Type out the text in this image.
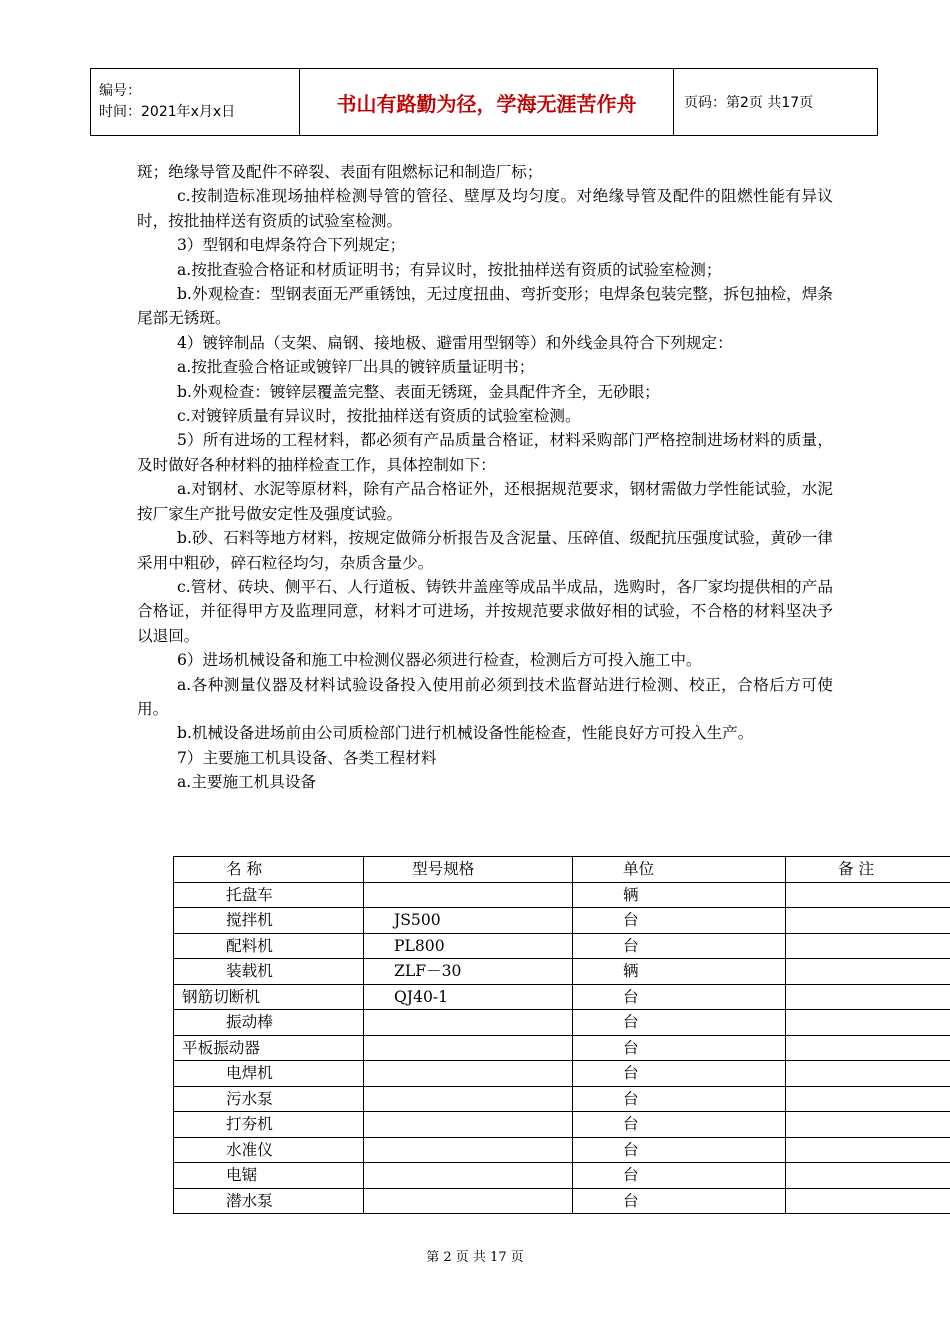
编号：
时间：2021年x月x日	书山有路勤为径，学海无涯苦作舟	页码：第2页 共17页

斑；绝缘导管及配件不碎裂、表面有阻燃标记和制造厂标；

c.按制造标准现场抽样检测导管的管径、壁厚及均匀度。对绝缘导管及配件的阻燃性能有异议时，按批抽样送有资质的试验室检测。

3）型钢和电焊条符合下列规定；

a.按批查验合格证和材质证明书；有异议时，按批抽样送有资质的试验室检测；

b.外观检查：型钢表面无严重锈蚀，无过度扭曲、弯折变形；电焊条包装完整，拆包抽检，焊条尾部无锈斑。

4）镀锌制品（支架、扁钢、接地极、避雷用型钢等）和外线金具符合下列规定：

a.按批查验合格证或镀锌厂出具的镀锌质量证明书；

b.外观检查：镀锌层覆盖完整、表面无锈斑，金具配件齐全，无砂眼；

c.对镀锌质量有异议时，按批抽样送有资质的试验室检测。

5）所有进场的工程材料，都必须有产品质量合格证，材料采购部门严格控制进场材料的质量，及时做好各种材料的抽样检查工作，具体控制如下：

a.对钢材、水泥等原材料，除有产品合格证外，还根据规范要求，钢材需做力学性能试验，水泥按厂家生产批号做安定性及强度试验。

b.砂、石料等地方材料，按规定做筛分析报告及含泥量、压碎值、级配抗压强度试验，黄砂一律采用中粗砂，碎石粒径均匀，杂质含量少。

c.管材、砖块、侧平石、人行道板、铸铁井盖座等成品半成品，选购时，各厂家均提供相的产品合格证，并征得甲方及监理同意，材料才可进场，并按规范要求做好相的试验，不合格的材料坚决予以退回。

6）进场机械设备和施工中检测仪器必须进行检查，检测后方可投入施工中。

a.各种测量仪器及材料试验设备投入使用前必须到技术监督站进行检测、校正，合格后方可使用。

b.机械设备进场前由公司质检部门进行机械设备性能检查，性能良好方可投入生产。

7）主要施工机具设备、各类工程材料

a.主要施工机具设备

名 称	型号规格	单位	备 注
托盘车		辆	
搅拌机	JS500	台	
配料机	PL800	台	
装载机	ZLF－30	辆	
钢筋切断机	QJ40-1	台	
振动棒		台	
平板振动器		台	
电焊机		台	
污水泵		台	
打夯机		台	
水准仪		台	
电锯		台	
潜水泵		台	
第 2 页 共 17 页
